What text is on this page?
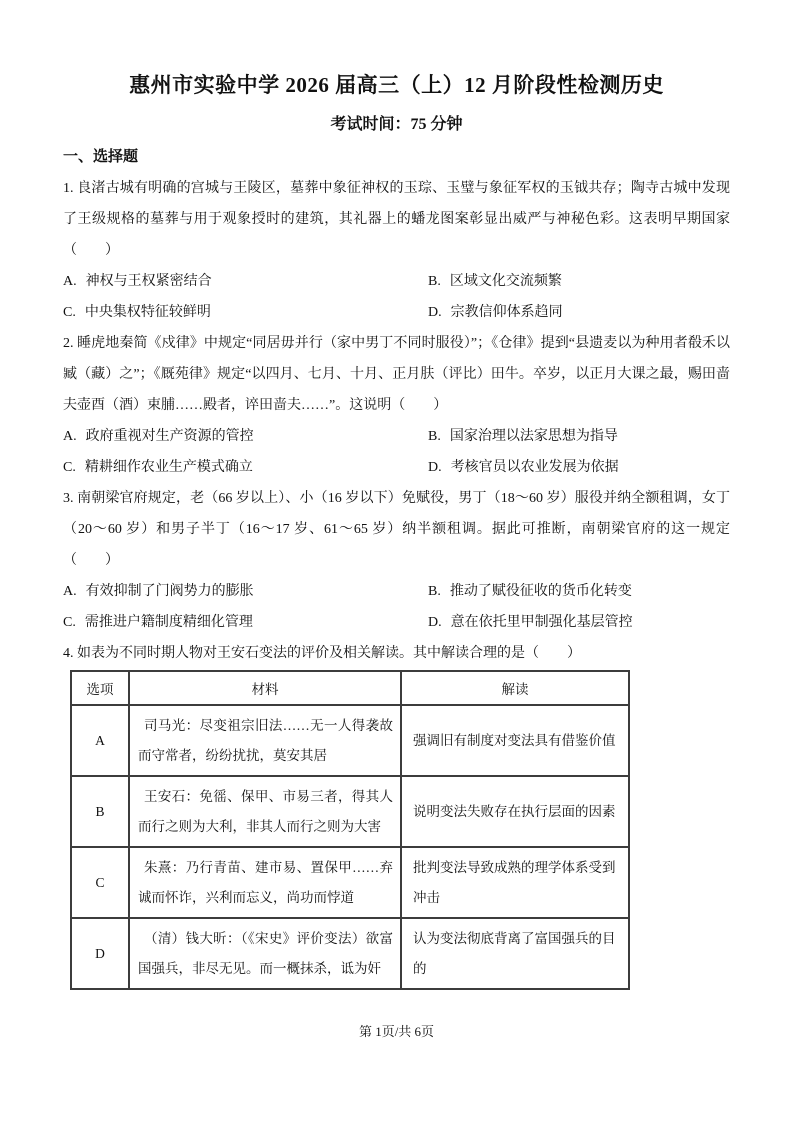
惠州市实验中学 2026 届高三（上）12 月阶段性检测历史
考试时间：75 分钟
一、选择题

1. 良渚古城有明确的宫城与王陵区，墓葬中象征神权的玉琮、玉璧与象征军权的玉钺共存；陶寺古城中发现了王级规格的墓葬与用于观象授时的建筑，其礼器上的蟠龙图案彰显出威严与神秘色彩。这表明早期国家（　　）

A. 神权与王权紧密结合	B. 区域文化交流频繁
C. 中央集权特征较鲜明	D. 宗教信仰体系趋同

2. 睡虎地秦简《戍律》中规定“同居毋并行（家中男丁不同时服役）”；《仓律》提到“县遗麦以为种用者殽禾以臧（藏）之”；《厩苑律》规定“以四月、七月、十月、正月肤（评比）田牛。卒岁，以正月大课之最，赐田啬夫壶酉（酒）束脯……殿者，谇田啬夫……”。这说明（　　）

A. 政府重视对生产资源的管控	B. 国家治理以法家思想为指导
C. 精耕细作农业生产模式确立	D. 考核官员以农业发展为依据

3. 南朝梁官府规定，老（66 岁以上）、小（16 岁以下）免赋役，男丁（18～60 岁）服役并纳全额租调，女丁（20～60 岁）和男子半丁（16～17 岁、61～65 岁）纳半额租调。据此可推断，南朝梁官府的这一规定（　　）

A. 有效抑制了门阀势力的膨胀	B. 推动了赋役征收的货币化转变
C. 需推进户籍制度精细化管理	D. 意在依托里甲制强化基层管控

4. 如表为不同时期人物对王安石变法的评价及相关解读。其中解读合理的是（　　）

选项	材料	解读
A	司马光：尽变祖宗旧法……无一人得袭故而守常者，纷纷扰扰，莫安其居	强调旧有制度对变法具有借鉴价值
B	王安石：免徭、保甲、市易三者，得其人而行之则为大利，非其人而行之则为大害	说明变法失败存在执行层面的因素
C	朱熹：乃行青苗、建市易、置保甲……弃诚而怀诈，兴利而忘义，尚功而悖道	批判变法导致成熟的理学体系受到冲击
D	（清）钱大昕：（《宋史》评价变法）欲富国强兵，非尽无见。而一概抹杀，诋为奸	认为变法彻底背离了富国强兵的目的
第 1页/共 6页
